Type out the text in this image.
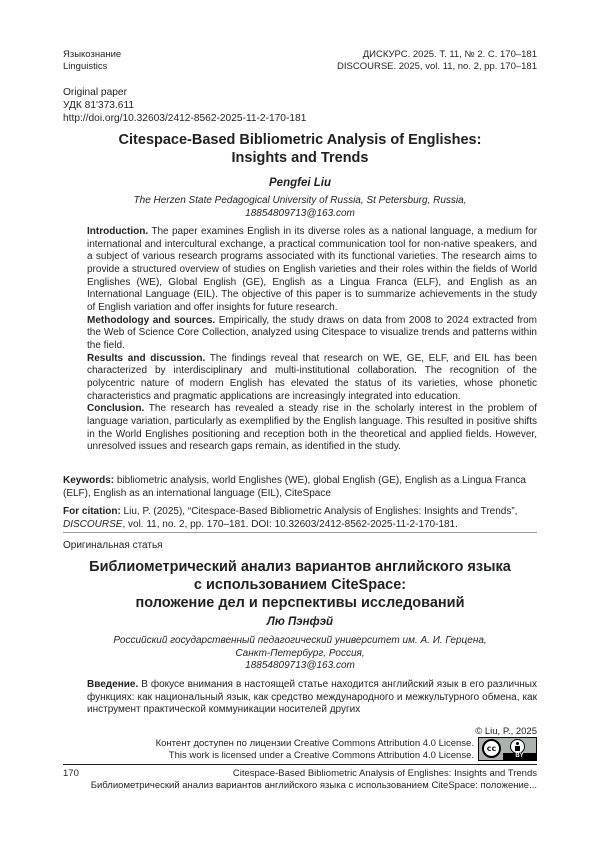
Языкознание
Linguistics
ДИСКУРС. 2025. Т. 11, № 2. С. 170–181
DISCOURSE. 2025, vol. 11, no. 2, pp. 170–181
Original paper
УДК 81'373.611
http://doi.org/10.32603/2412-8562-2025-11-2-170-181
Citespace-Based Bibliometric Analysis of Englishes:
Insights and Trends
Pengfei Liu
The Herzen State Pedagogical University of Russia, St Petersburg, Russia,
18854809713@163.com

Introduction. The paper examines English in its diverse roles as a national language, a medium for international and intercultural exchange, a practical communication tool for non-native speakers, and a subject of various research programs associated with its functional varieties. The research aims to provide a structured overview of studies on English varieties and their roles within the fields of World Englishes (WE), Global English (GE), English as a Lingua Franca (ELF), and English as an International Language (EIL). The objective of this paper is to summarize achievements in the study of English variation and offer insights for future research.

Methodology and sources. Empirically, the study draws on data from 2008 to 2024 extracted from the Web of Science Core Collection, analyzed using Citespace to visualize trends and patterns within the field.

Results and discussion. The findings reveal that research on WE, GE, ELF, and EIL has been characterized by interdisciplinary and multi-institutional collaboration. The recognition of the polycentric nature of modern English has elevated the status of its varieties, whose phonetic characteristics and pragmatic applications are increasingly integrated into education.

Conclusion. The research has revealed a steady rise in the scholarly interest in the problem of language variation, particularly as exemplified by the English language. This resulted in positive shifts in the World Englishes positioning and reception both in the theoretical and applied fields. However, unresolved issues and research gaps remain, as identified in the study.

Keywords: bibliometric analysis, world Englishes (WE), global English (GE), English as a Lingua Franca (ELF), English as an international language (EIL), CiteSpace
For citation: Liu, P. (2025), “Citespace-Based Bibliometric Analysis of Englishes: Insights and Trends”, DISCOURSE, vol. 11, no. 2, pp. 170–181. DOI: 10.32603/2412-8562-2025-11-2-170-181.
Оригинальная статья
Библиометрический анализ вариантов английского языка
с использованием CiteSpace:
положение дел и перспективы исследований
Лю Пэнфэй
Российский государственный педагогический университет им. А. И. Герцена,
Санкт-Петербург, Россия,
18854809713@163.com

Введение. В фокусе внимания в настоящей статье находится английский язык в его различных функциях: как национальный язык, как средство международного и межкультурного обмена, как инструмент практической коммуникации носителей других

© Liu, P., 2025
Контент доступен по лицензии Creative Commons Attribution 4.0 License.
This work is licensed under a Creative Commons Attribution 4.0 License.
cc
BY
170	Citespace-Based Bibliometric Analysis of Englishes: Insights and Trends
Библиометрический анализ вариантов английского языка с использованием CiteSpace: положение...
